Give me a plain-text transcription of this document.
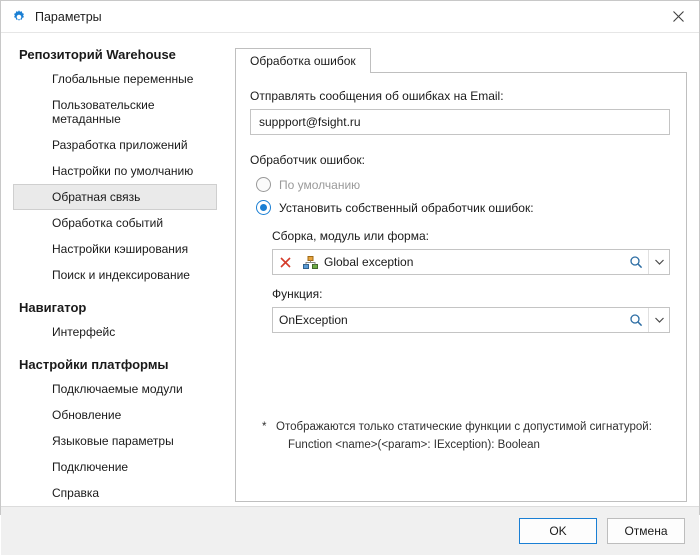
Параметры
Репозиторий Warehouse
Глобальные переменные
Пользовательские метаданные
Разработка приложений
Настройки по умолчанию
Обратная связь
Обработка событий
Настройки кэширования
Поиск и индексирование
Навигатор
Интерфейс
Настройки платформы
Подключаемые модули
Обновление
Языковые параметры
Подключение
Справка
Обработка ошибок
Отправлять сообщения об ошибках на Email:
suppport@fsight.ru
Обработчик ошибок:
По умолчанию
Установить собственный обработчик ошибок:
Сборка, модуль или форма:
Global exception
Функция:
OnException
* Отображаются только статические функции с допустимой сигнатурой:
Function <name>(<param>: IException): Boolean
OK	Отмена
